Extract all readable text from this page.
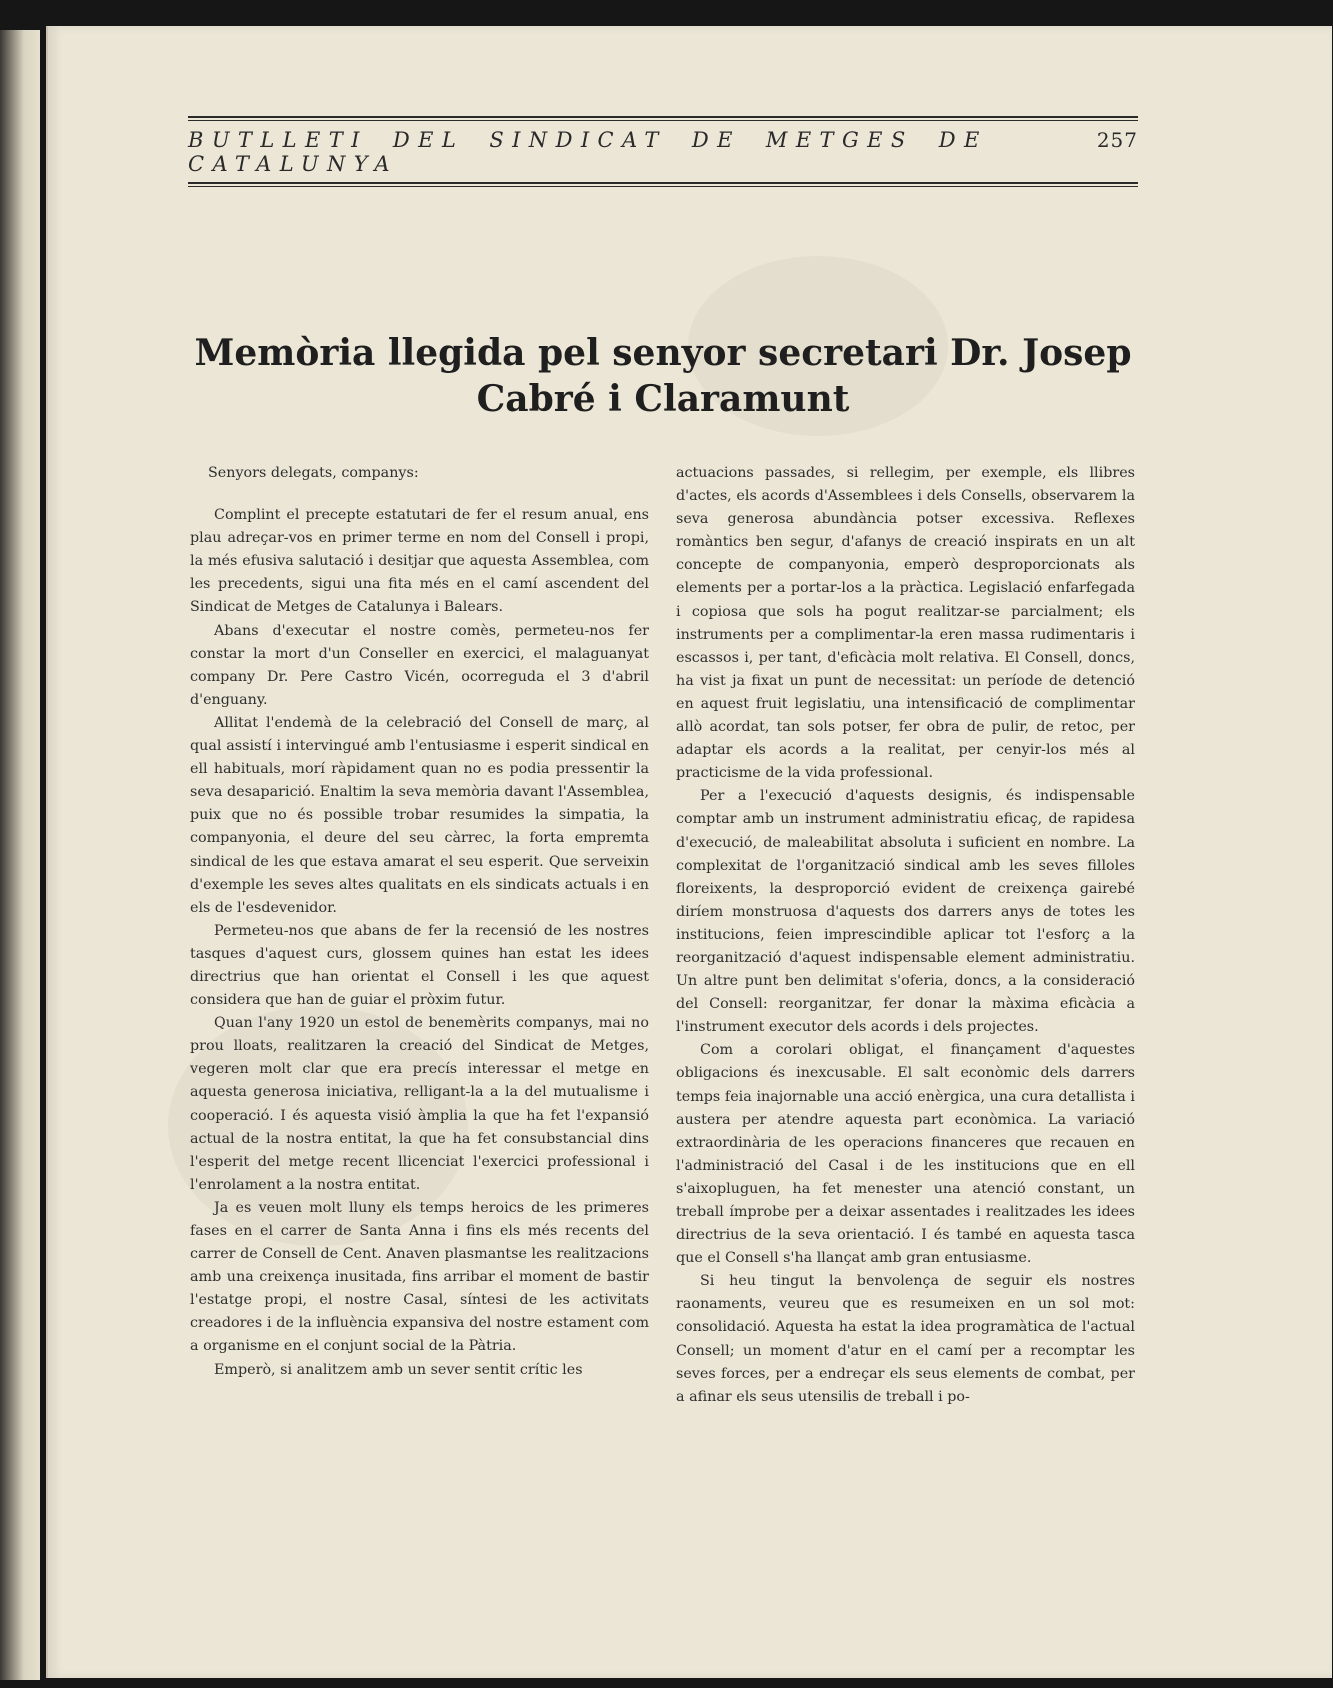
BUTLLETI DEL SINDICAT DE METGES DE CATALUNYA
257
Memòria llegida pel senyor secretari Dr. Josep Cabré i Claramunt

Senyors delegats, companys:

Complint el precepte estatutari de fer el resum anual, ens plau adreçar-vos en primer terme en nom del Consell i propi, la més efusiva salutació i desitjar que aquesta Assemblea, com les precedents, sigui una fita més en el camí ascendent del Sindicat de Metges de Catalunya i Balears.

Abans d'executar el nostre comès, permeteu-nos fer constar la mort d'un Conseller en exercici, el malaguanyat company Dr. Pere Castro Vicén, ocorreguda el 3 d'abril d'enguany.

Allitat l'endemà de la celebració del Consell de març, al qual assistí i intervingué amb l'entusiasme i esperit sindical en ell habituals, morí ràpidament quan no es podia pressentir la seva desaparició. Enaltim la seva memòria davant l'Assemblea, puix que no és possible trobar resumides la simpatia, la companyonia, el deure del seu càrrec, la forta empremta sindical de les que estava amarat el seu esperit. Que serveixin d'exemple les seves altes qualitats en els sindicats actuals i en els de l'esdevenidor.

Permeteu-nos que abans de fer la recensió de les nostres tasques d'aquest curs, glossem quines han estat les idees directrius que han orientat el Consell i les que aquest considera que han de guiar el pròxim futur.

Quan l'any 1920 un estol de benemèrits companys, mai no prou lloats, realitzaren la creació del Sindicat de Metges, vegeren molt clar que era precís interessar el metge en aquesta generosa iniciativa, relligant-la a la del mutualisme i cooperació. I és aquesta visió àmplia la que ha fet l'expansió actual de la nostra entitat, la que ha fet consubstancial dins l'esperit del metge recent llicenciat l'exercici professional i l'enrolament a la nostra entitat.

Ja es veuen molt lluny els temps heroics de les primeres fases en el carrer de Santa Anna i fins els més recents del carrer de Consell de Cent. Anaven plasmantse les realitzacions amb una creixença inusitada, fins arribar el moment de bastir l'estatge propi, el nostre Casal, síntesi de les activitats creadores i de la influència expansiva del nostre estament com a organisme en el conjunt social de la Pàtria.

Emperò, si analitzem amb un sever sentit crític les

actuacions passades, si rellegim, per exemple, els llibres d'actes, els acords d'Assemblees i dels Consells, observarem la seva generosa abundància potser excessiva. Reflexes romàntics ben segur, d'afanys de creació inspirats en un alt concepte de companyonia, emperò desproporcionats als elements per a portar-los a la pràctica. Legislació enfarfegada i copiosa que sols ha pogut realitzar-se parcialment; els instruments per a complimentar-la eren massa rudimentaris i escassos i, per tant, d'eficàcia molt relativa. El Consell, doncs, ha vist ja fixat un punt de necessitat: un període de detenció en aquest fruit legislatiu, una intensificació de complimentar allò acordat, tan sols potser, fer obra de pulir, de retoc, per adaptar els acords a la realitat, per cenyir-los més al practicisme de la vida professional.

Per a l'execució d'aquests designis, és indispensable comptar amb un instrument administratiu eficaç, de rapidesa d'execució, de maleabilitat absoluta i suficient en nombre. La complexitat de l'organització sindical amb les seves filloles floreixents, la desproporció evident de creixença gairebé diríem monstruosa d'aquests dos darrers anys de totes les institucions, feien imprescindible aplicar tot l'esforç a la reorganització d'aquest indispensable element administratiu. Un altre punt ben delimitat s'oferia, doncs, a la consideració del Consell: reorganitzar, fer donar la màxima eficàcia a l'instrument executor dels acords i dels projectes.

Com a corolari obligat, el finançament d'aquestes obligacions és inexcusable. El salt econòmic dels darrers temps feia inajornable una acció enèrgica, una cura detallista i austera per atendre aquesta part econòmica. La variació extraordinària de les operacions financeres que recauen en l'administració del Casal i de les institucions que en ell s'aixopluguen, ha fet menester una atenció constant, un treball ímprobe per a deixar assentades i realitzades les idees directrius de la seva orientació. I és també en aquesta tasca que el Consell s'ha llançat amb gran entusiasme.

Si heu tingut la benvolença de seguir els nostres raonaments, veureu que es resumeixen en un sol mot: consolidació. Aquesta ha estat la idea programàtica de l'actual Consell; un moment d'atur en el camí per a recomptar les seves forces, per a endreçar els seus elements de combat, per a afinar els seus utensilis de treball i po-
